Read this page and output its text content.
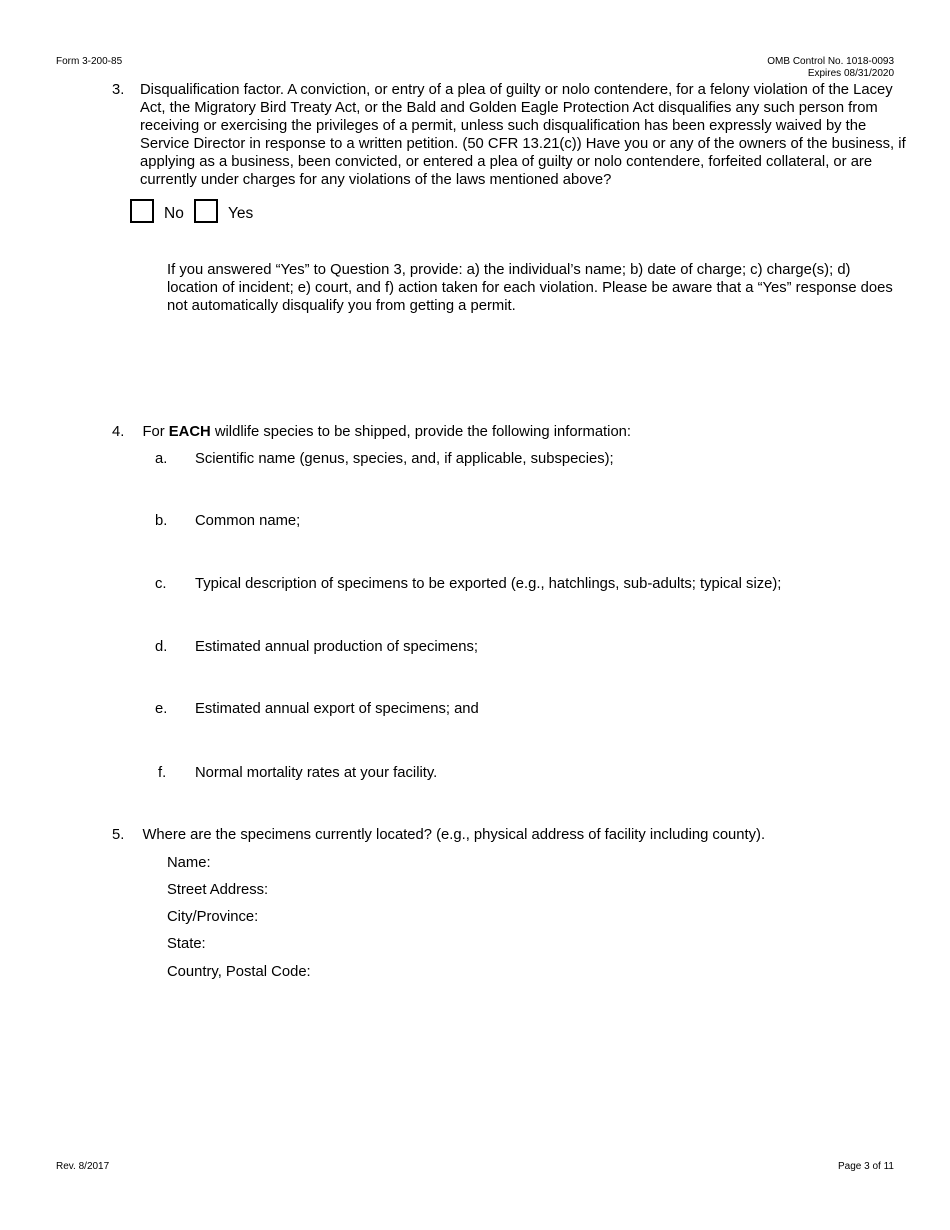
Form 3-200-85	OMB Control No. 1018-0093
Expires 08/31/2020
3. Disqualification factor. A conviction, or entry of a plea of guilty or nolo contendere, for a felony violation of the Lacey Act, the Migratory Bird Treaty Act, or the Bald and Golden Eagle Protection Act disqualifies any such person from receiving or exercising the privileges of a permit, unless such disqualification has been expressly waived by the Service Director in response to a written petition. (50 CFR 13.21(c)) Have you or any of the owners of the business, if applying as a business, been convicted, or entered a plea of guilty or nolo contendere, forfeited collateral, or are currently under charges for any violations of the laws mentioned above?
No	Yes
If you answered “Yes” to Question 3, provide: a) the individual’s name; b) date of charge; c) charge(s); d) location of incident; e) court, and f) action taken for each violation. Please be aware that a “Yes” response does not automatically disqualify you from getting a permit.
4. For EACH wildlife species to be shipped, provide the following information:
a. Scientific name (genus, species, and, if applicable, subspecies);
b. Common name;
c. Typical description of specimens to be exported (e.g., hatchlings, sub-adults; typical size);
d. Estimated annual production of specimens;
e. Estimated annual export of specimens; and
f. Normal mortality rates at your facility.
5. Where are the specimens currently located? (e.g., physical address of facility including county).
Name:
Street Address:
City/Province:
State:
Country, Postal Code:
Rev. 8/2017	Page 3 of 11
